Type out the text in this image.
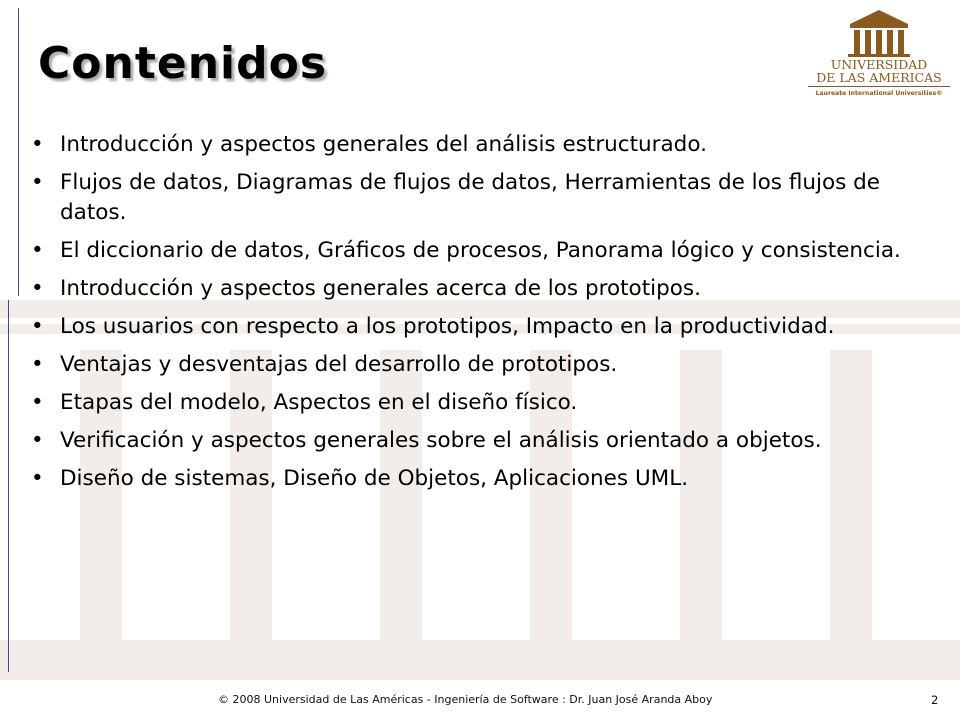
Contenidos	UNIVERSIDAD
DE LAS AMERICAS
Laureate International Universities®
• Introducción y aspectos generales del análisis estructurado.
• Flujos de datos, Diagramas de flujos de datos, Herramientas de los flujos de datos.
• El diccionario de datos, Gráficos de procesos, Panorama lógico y consistencia.
• Introducción y aspectos generales acerca de los prototipos.
• Los usuarios con respecto a los prototipos, Impacto en la productividad.
• Ventajas y desventajas del desarrollo de prototipos.
• Etapas del modelo, Aspectos en el diseño físico.
• Verificación y aspectos generales sobre el análisis orientado a objetos.
• Diseño de sistemas, Diseño de Objetos, Aplicaciones UML.
© 2008 Universidad de Las Américas - Ingeniería de Software : Dr. Juan José Aranda Aboy	2
